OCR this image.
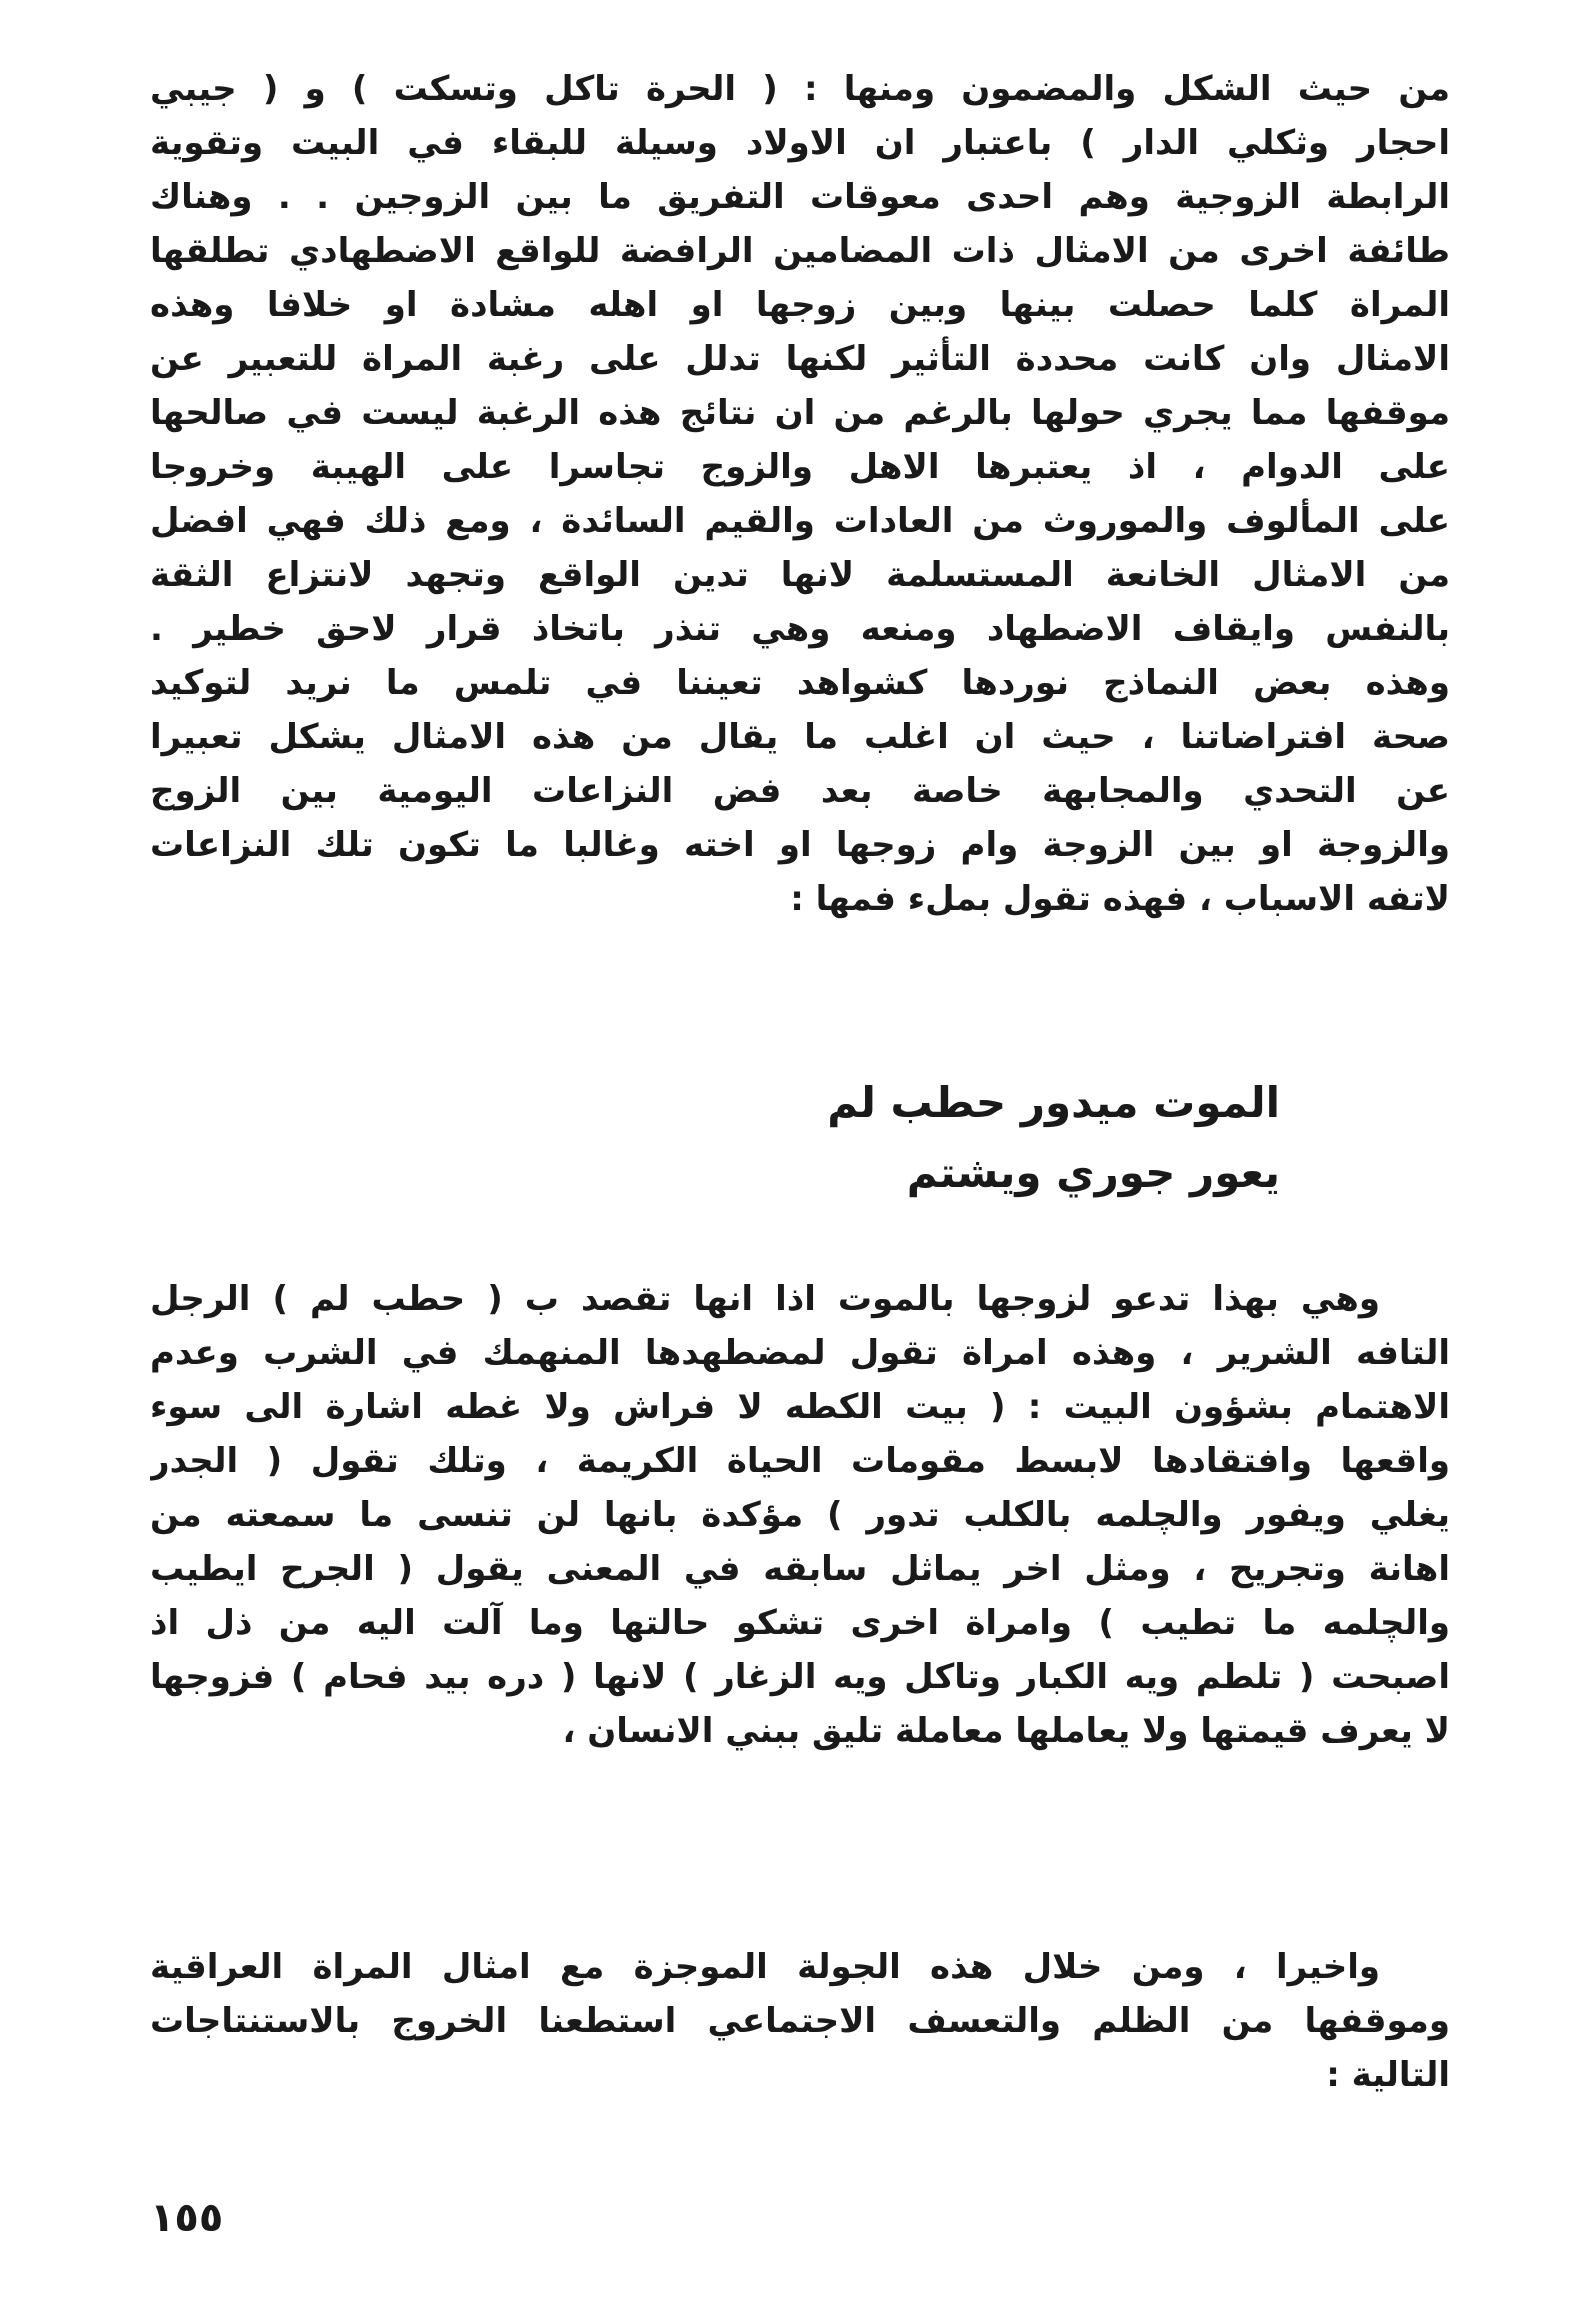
من حيث الشكل والمضمون ومنها : ( الحرة تاكل وتسكت ) و ( جيبي
احجار وثكلي الدار ) باعتبار ان الاولاد وسيلة للبقاء في البيت وتقوية
الرابطة الزوجية وهم احدى معوقات التفريق ما بين الزوجين . . وهناك
طائفة اخرى من الامثال ذات المضامين الرافضة للواقع الاضطهادي تطلقها
المراة كلما حصلت بينها وبين زوجها او اهله مشادة او خلافا وهذه
الامثال وان كانت محددة التأثير لكنها تدلل على رغبة المراة للتعبير عن
موقفها مما يجري حولها بالرغم من ان نتائج هذه الرغبة ليست في صالحها
على الدوام ، اذ يعتبرها الاهل والزوج تجاسرا على الهيبة وخروجا
على المألوف والموروث من العادات والقيم السائدة ، ومع ذلك فهي افضل
من الامثال الخانعة المستسلمة لانها تدين الواقع وتجهد لانتزاع الثقة
بالنفس وايقاف الاضطهاد ومنعه وهي تنذر باتخاذ قرار لاحق خطير .
وهذه بعض النماذج نوردها كشواهد تعيننا في تلمس ما نريد لتوكيد
صحة افتراضاتنا ، حيث ان اغلب ما يقال من هذه الامثال يشكل تعبيرا
عن التحدي والمجابهة خاصة بعد فض النزاعات اليومية بين الزوج
والزوجة او بين الزوجة وام زوجها او اخته وغالبا ما تكون تلك النزاعات
لاتفه الاسباب ، فهذه تقول بملء فمها :
الموت ميدور حطب لم
يعور جوري ويشتم
وهي بهذا تدعو لزوجها بالموت اذا انها تقصد ب ( حطب لم ) الرجل
التافه الشرير ، وهذه امراة تقول لمضطهدها المنهمك في الشرب وعدم
الاهتمام بشؤون البيت : ( بيت الكطه لا فراش ولا غطه اشارة الى سوء
واقعها وافتقادها لابسط مقومات الحياة الكريمة ، وتلك تقول ( الجدر
يغلي ويفور والچلمه بالكلب تدور ) مؤكدة بانها لن تنسى ما سمعته من
اهانة وتجريح ، ومثل اخر يماثل سابقه في المعنى يقول ( الجرح ايطيب
والچلمه ما تطيب ) وامراة اخرى تشكو حالتها وما آلت اليه من ذل اذ
اصبحت ( تلطم ويه الكبار وتاكل ويه الزغار ) لانها ( دره بيد فحام ) فزوجها
لا يعرف قيمتها ولا يعاملها معاملة تليق ببني الانسان ،
واخيرا ، ومن خلال هذه الجولة الموجزة مع امثال المراة العراقية
وموقفها من الظلم والتعسف الاجتماعي استطعنا الخروج بالاستنتاجات
التالية :
١٥٥
